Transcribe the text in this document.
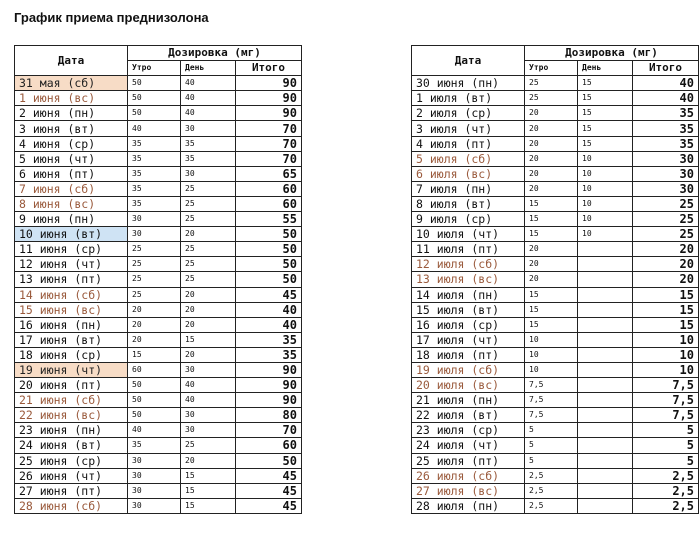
График приема преднизолона
Дата	Дозировка (мг)		
	Утро	День	Итого
31 мая (сб)	50	40	90
1 июня (вс)	50	40	90
2 июня (пн)	50	40	90
3 июня (вт)	40	30	70
4 июня (ср)	35	35	70
5 июня (чт)	35	35	70
6 июня (пт)	35	30	65
7 июня (сб)	35	25	60
8 июня (вс)	35	25	60
9 июня (пн)	30	25	55
10 июня (вт)	30	20	50
11 июня (ср)	25	25	50
12 июня (чт)	25	25	50
13 июня (пт)	25	25	50
14 июня (сб)	25	20	45
15 июня (вс)	20	20	40
16 июня (пн)	20	20	40
17 июня (вт)	20	15	35
18 июня (ср)	15	20	35
19 июня (чт)	60	30	90
20 июня (пт)	50	40	90
21 июня (сб)	50	40	90
22 июня (вс)	50	30	80
23 июня (пн)	40	30	70
24 июня (вт)	35	25	60
25 июня (ср)	30	20	50
26 июня (чт)	30	15	45
27 июня (пт)	30	15	45
28 июня (сб)	30	15	45
Дата	Дозировка (мг)		
	Утро	День	Итого
30 июня (пн)	25	15	40
1 июля (вт)	25	15	40
2 июля (ср)	20	15	35
3 июля (чт)	20	15	35
4 июля (пт)	20	15	35
5 июля (сб)	20	10	30
6 июля (вс)	20	10	30
7 июля (пн)	20	10	30
8 июля (вт)	15	10	25
9 июля (ср)	15	10	25
10 июля (чт)	15	10	25
11 июля (пт)	20		20
12 июля (сб)	20		20
13 июля (вс)	20		20
14 июля (пн)	15		15
15 июля (вт)	15		15
16 июля (ср)	15		15
17 июля (чт)	10		10
18 июля (пт)	10		10
19 июля (сб)	10		10
20 июля (вс)	7,5		7,5
21 июля (пн)	7,5		7,5
22 июля (вт)	7,5		7,5
23 июля (ср)	5		5
24 июля (чт)	5		5
25 июля (пт)	5		5
26 июля (сб)	2,5		2,5
27 июля (вс)	2,5		2,5
28 июля (пн)	2,5		2,5
